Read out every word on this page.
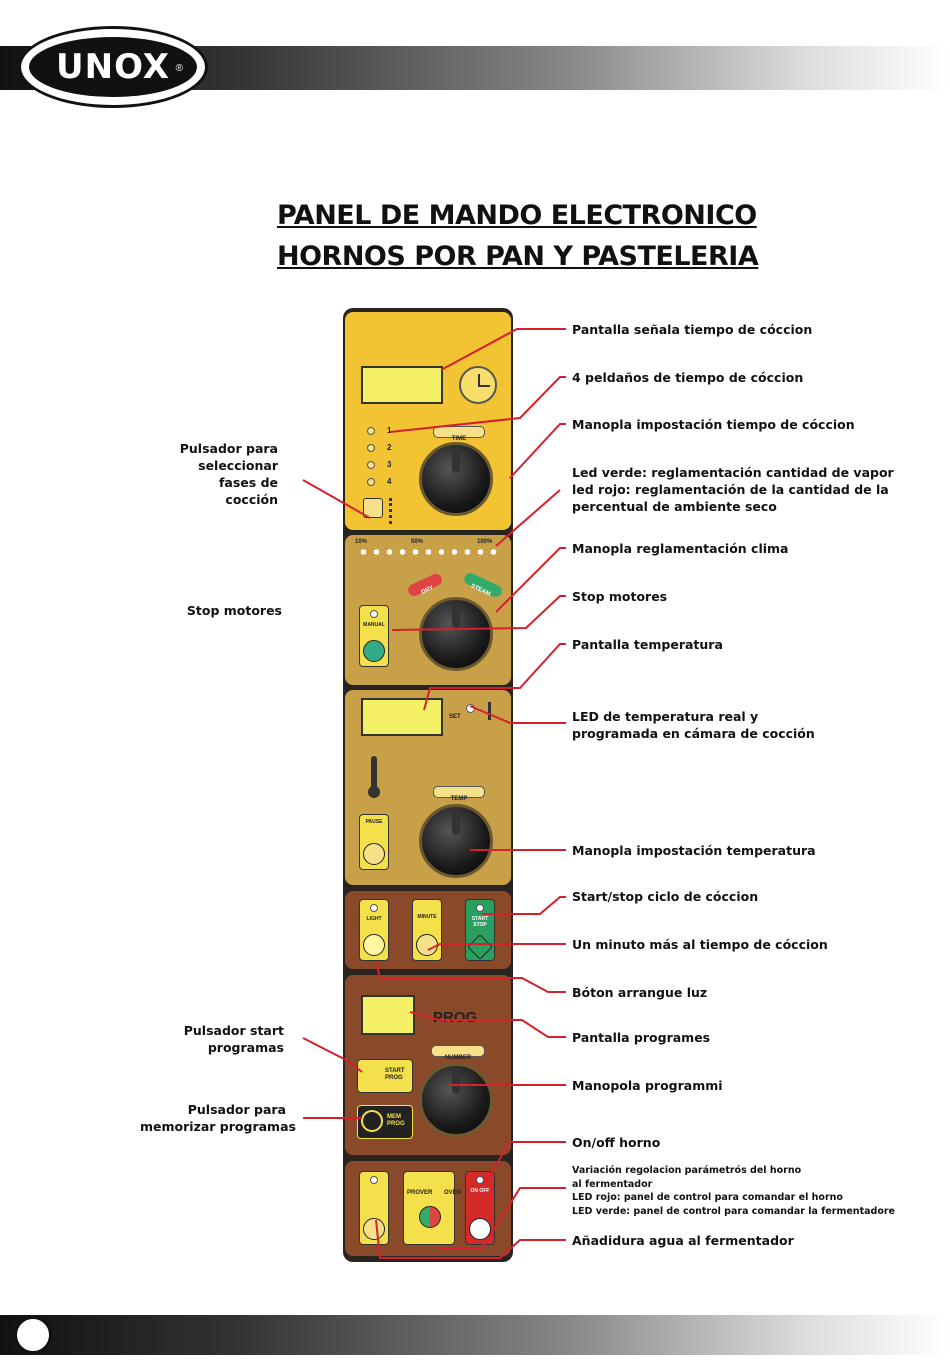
UNOX ®
PANEL DE MANDO ELECTRONICO
HORNOS POR PAN Y PASTELERIA
1
2
3
4
TIME
10%	50%	100%
DRY	STEAM
MANUAL
SET
TEMP
PAUSE
LIGHT	MINUTE	START STOP
PROG
NUMBER
START PROG
MEM PROG
PROVER OVEN ON OFF
Pantalla señala tiempo de cóccion
4 peldaños de tiempo de cóccion
Manopla impostación tiempo de cóccion
Led verde: reglamentación cantidad de vapor
led rojo: reglamentación de la cantidad de la
percentual de ambiente seco
Manopla reglamentación clima
Stop motores
Pantalla temperatura
LED de temperatura real y
programada en cámara de cocción
Manopla impostación temperatura
Start/stop ciclo de cóccion
Un minuto más al tiempo de cóccion
Bóton arrangue luz
Pantalla programes
Manopola programmi
On/off horno
Variación regolacion parámetrós del horno
al fermentador
LED rojo: panel de control para comandar el horno
LED verde: panel de control para comandar la fermentadore
Añadidura agua al fermentador
Pulsador para
seleccionar
fases de
cocción
Stop motores
Pulsador start
programas
Pulsador para
memorizar programas
